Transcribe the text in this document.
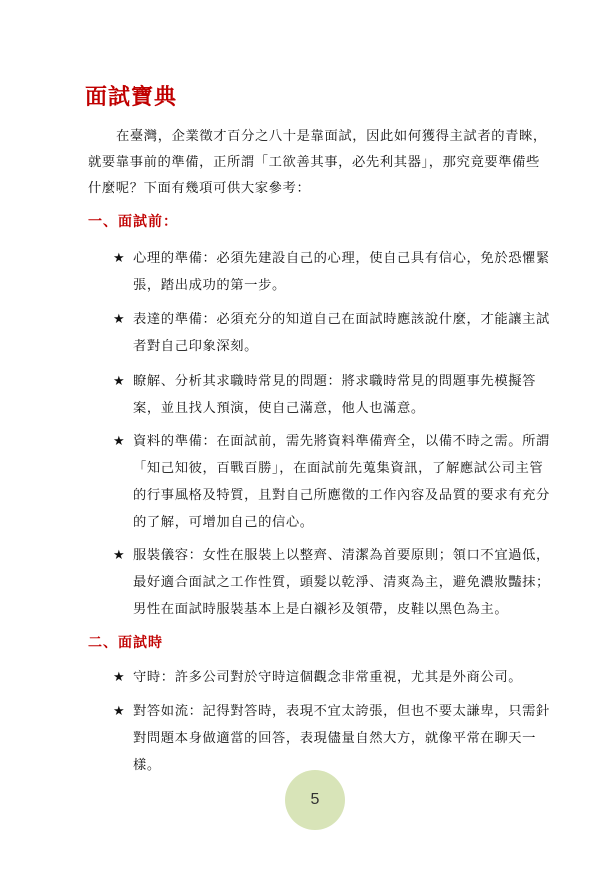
面試寶典

在臺灣，企業徵才百分之八十是靠面試，因此如何獲得主試者的青睞，就要靠事前的準備，正所謂「工欲善其事，必先利其器」，那究竟要準備些什麼呢？下面有幾項可供大家參考：

一、面試前：
★ 心理的準備：必須先建設自己的心理，使自己具有信心，免於恐懼緊張，踏出成功的第一步。
★ 表達的準備：必須充分的知道自己在面試時應該說什麼，才能讓主試者對自己印象深刻。
★ 瞭解、分析其求職時常見的問題：將求職時常見的問題事先模擬答案，並且找人預演，使自己滿意，他人也滿意。
★ 資料的準備：在面試前，需先將資料準備齊全，以備不時之需。所謂「知己知彼，百戰百勝」，在面試前先蒐集資訊，了解應試公司主管的行事風格及特質，且對自己所應徵的工作內容及品質的要求有充分的了解，可增加自己的信心。
★ 服裝儀容：女性在服裝上以整齊、清潔為首要原則；領口不宜過低，最好適合面試之工作性質，頭髮以乾淨、清爽為主，避免濃妝豔抹；男性在面試時服裝基本上是白襯衫及領帶，皮鞋以黑色為主。
二、面試時
★ 守時：許多公司對於守時這個觀念非常重視，尤其是外商公司。
★ 對答如流：記得對答時，表現不宜太誇張，但也不要太謙卑，只需針對問題本身做適當的回答，表現儘量自然大方，就像平常在聊天一樣。
5
